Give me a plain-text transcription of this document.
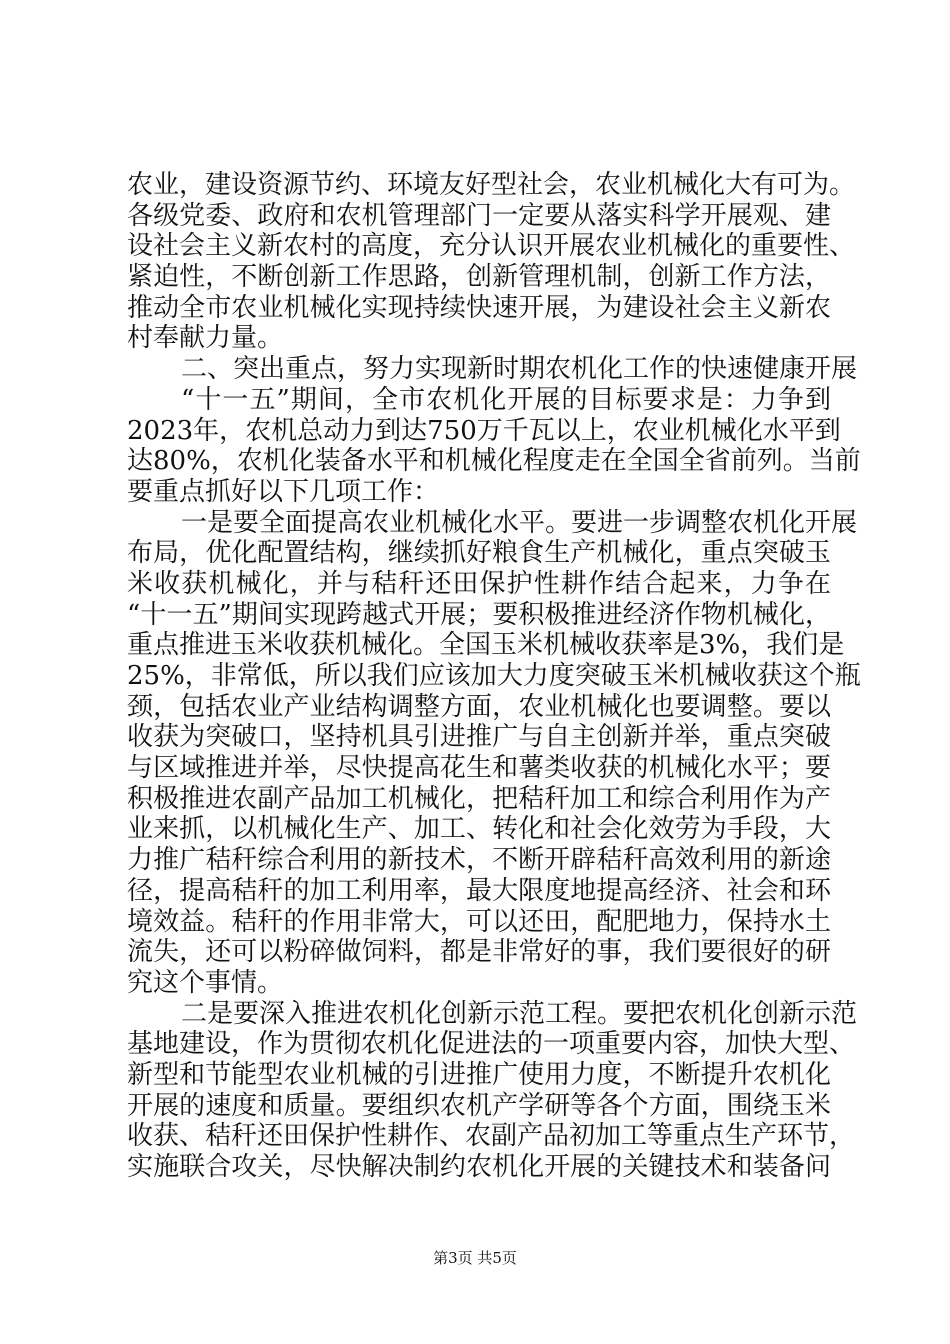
农业，建设资源节约、环境友好型社会，农业机械化大有可为。
各级党委、政府和农机管理部门一定要从落实科学开展观、建
设社会主义新农村的高度，充分认识开展农业机械化的重要性、
紧迫性，不断创新工作思路，创新管理机制，创新工作方法，
推动全市农业机械化实现持续快速开展，为建设社会主义新农
村奉献力量。
二、突出重点，努力实现新时期农机化工作的快速健康开展
“十一五”期间，全市农机化开展的目标要求是：力争到
2023年，农机总动力到达750万千瓦以上，农业机械化水平到
达80%，农机化装备水平和机械化程度走在全国全省前列。当前
要重点抓好以下几项工作：
一是要全面提高农业机械化水平。要进一步调整农机化开展
布局，优化配置结构，继续抓好粮食生产机械化，重点突破玉
米收获机械化，并与秸秆还田保护性耕作结合起来，力争在
“十一五”期间实现跨越式开展；要积极推进经济作物机械化，
重点推进玉米收获机械化。全国玉米机械收获率是3%，我们是
25%，非常低，所以我们应该加大力度突破玉米机械收获这个瓶
颈，包括农业产业结构调整方面，农业机械化也要调整。要以
收获为突破口，坚持机具引进推广与自主创新并举，重点突破
与区域推进并举，尽快提高花生和薯类收获的机械化水平；要
积极推进农副产品加工机械化，把秸秆加工和综合利用作为产
业来抓，以机械化生产、加工、转化和社会化效劳为手段，大
力推广秸秆综合利用的新技术，不断开辟秸秆高效利用的新途
径，提高秸秆的加工利用率，最大限度地提高经济、社会和环
境效益。秸秆的作用非常大，可以还田，配肥地力，保持水土
流失，还可以粉碎做饲料，都是非常好的事，我们要很好的研
究这个事情。
二是要深入推进农机化创新示范工程。要把农机化创新示范
基地建设，作为贯彻农机化促进法的一项重要内容，加快大型、
新型和节能型农业机械的引进推广使用力度，不断提升农机化
开展的速度和质量。要组织农机产学研等各个方面，围绕玉米
收获、秸秆还田保护性耕作、农副产品初加工等重点生产环节，
实施联合攻关，尽快解决制约农机化开展的关键技术和装备问
第3页 共5页
